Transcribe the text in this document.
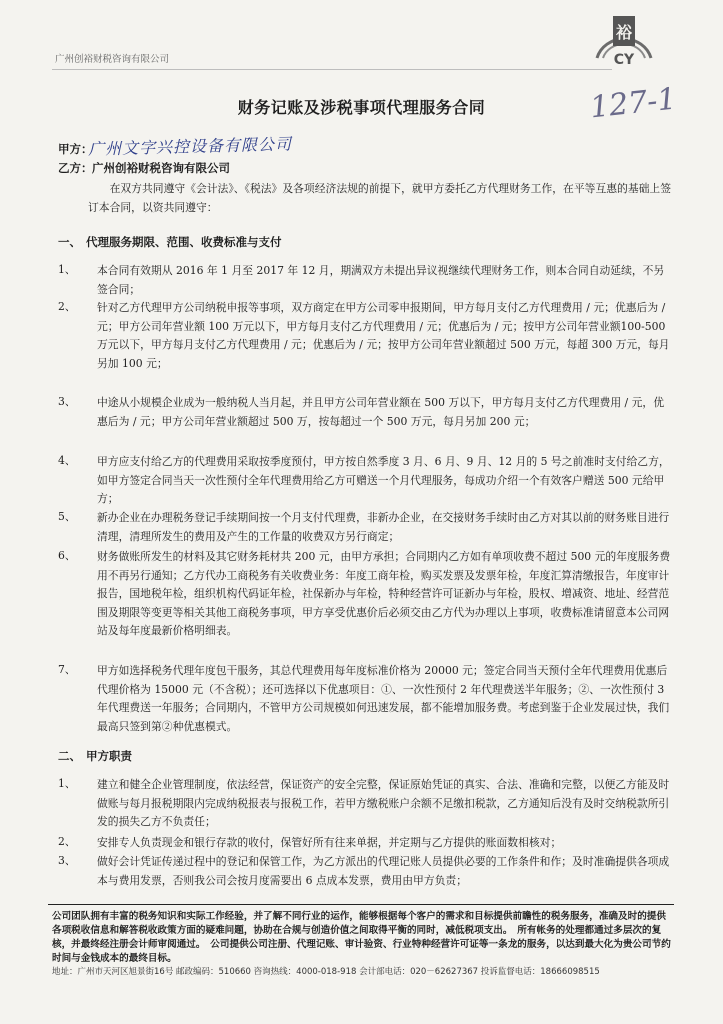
广州创裕财税咨询有限公司
裕
CY
财务记账及涉税事项代理服务合同	127-1
甲方：
广州文字兴控设备有限公司
乙方： 广州创裕财税咨询有限公司
在双方共同遵守《会计法》、《税法》及各项经济法规的前提下，就甲方委托乙方代理财务工作，在平等互惠的基础上签订本合同，以资共同遵守：
一、 代理服务期限、范围、收费标准与支付
1、 本合同有效期从 2016 年 1 月至 2017 年 12 月，期满双方未提出异议视继续代理财务工作，则本合同自动延续，不另签合同；
2、 针对乙方代理甲方公司纳税申报等事项，双方商定在甲方公司零申报期间，甲方每月支付乙方代理费用 / 元；优惠后为 / 元；甲方公司年营业额 100 万元以下，甲方每月支付乙方代理费用 / 元；优惠后为 / 元；按甲方公司年营业额100-500万元以下，甲方每月支付乙方代理费用 / 元；优惠后为 / 元；按甲方公司年营业额超过 500 万元，每超 300 万元，每月另加 100 元；
3、 中途从小规模企业成为一般纳税人当月起，并且甲方公司年营业额在 500 万以下，甲方每月支付乙方代理费用 / 元，优惠后为 / 元；甲方公司年营业额超过 500 万，按每超过一个 500 万元，每月另加 200 元；
4、 甲方应支付给乙方的代理费用采取按季度预付，甲方按自然季度 3 月、6 月、9 月、12 月的 5 号之前准时支付给乙方，如甲方签定合同当天一次性预付全年代理费用给乙方可赠送一个月代理服务，每成功介绍一个有效客户赠送 500 元给甲方；
5、 新办企业在办理税务登记手续期间按一个月支付代理费，非新办企业，在交接财务手续时由乙方对其以前的财务账目进行清理，清理所发生的费用及产生的工作量的收费双方另行商定；
6、 财务做账所发生的材料及其它财务耗材共 200 元，由甲方承担；合同期内乙方如有单项收费不超过 500 元的年度服务费用不再另行通知；乙方代办工商税务有关收费业务：年度工商年检，购买发票及发票年检，年度汇算清缴报告，年度审计报告，国地税年检，组织机构代码证年检，社保新办与年检，特种经营许可证新办与年检，股权、增减资、地址、经营范围及期限等变更等相关其他工商税务事项，甲方享受优惠价后必须交由乙方代为办理以上事项，收费标准请留意本公司网站及每年度最新价格明细表。
7、 甲方如选择税务代理年度包干服务，其总代理费用每年度标准价格为 20000 元；签定合同当天预付全年代理费用优惠后代理价格为 15000 元（不含税）；还可选择以下优惠项目：①、一次性预付 2 年代理费送半年服务；②、一次性预付 3 年代理费送一年服务；合同期内，不管甲方公司规模如何迅速发展，都不能增加服务费。考虑到鉴于企业发展过快，我们最高只签到第②种优惠模式。
二、 甲方职责
1、 建立和健全企业管理制度，依法经营，保证资产的安全完整，保证原始凭证的真实、合法、准确和完整，以便乙方能及时做账与每月报税期限内完成纳税报表与报税工作，若甲方缴税账户余额不足缴扣税款，乙方通知后没有及时交纳税款所引发的损失乙方不负责任；
2、 安排专人负责现金和银行存款的收付，保管好所有往来单据，并定期与乙方提供的账面数相核对；
3、 做好会计凭证传递过程中的登记和保管工作，为乙方派出的代理记账人员提供必要的工作条件和作；及时准确提供各项成本与费用发票，否则我公司会按月度需要出 6 点成本发票，费用由甲方负责；
公司团队拥有丰富的税务知识和实际工作经验，并了解不同行业的运作，能够根据每个客户的需求和目标提供前瞻性的税务服务，准确及时的提供各项税收信息和解答税收政策方面的疑难问题，协助在合规与创造价值之间取得平衡的同时，减低税项支出。　所有帐务的处理都通过多层次的复核，并最终经注册会计师审阅通过。　公司提供公司注册、代理记账、审计验资、行业特种经营许可证等一条龙的服务，以达到最大化为贵公司节约时间与金钱成本的最终目标。
地址：广州市天河区旭景街16号 邮政编码：510660 咨询热线：4000-018-918 会计部电话：020－62627367 投诉监督电话：18666098515
